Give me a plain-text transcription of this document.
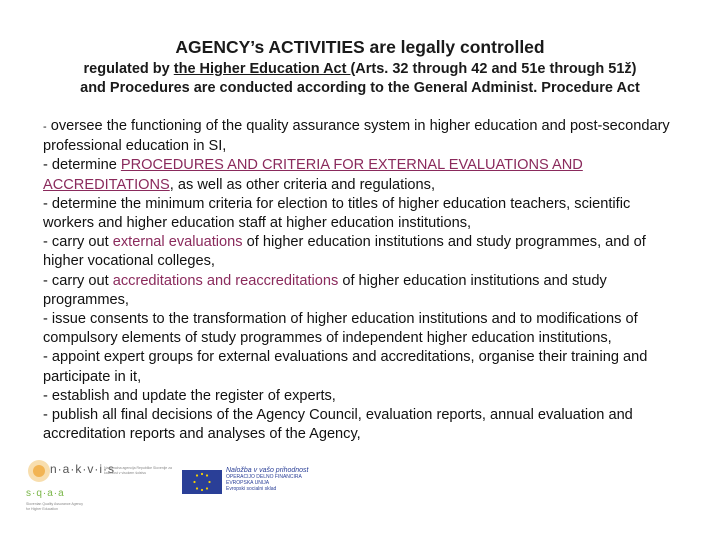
AGENCY’s ACTIVITIES are legally controlled
regulated by the Higher Education Act (Arts. 32 through 42 and 51e through 51ž)
and Procedures are conducted according to the General Administ. Procedure Act
- oversee the functioning of the quality assurance system in higher education and post-secondary professional education in SI,
- determine PROCEDURES AND CRITERIA FOR EXTERNAL EVALUATIONS AND ACCREDITATIONS, as well as other criteria and regulations,
- determine the minimum criteria for election to titles of higher education teachers, scientific workers and higher education staff at higher education institutions,
- carry out external evaluations of higher education institutions and study programmes, and of higher vocational colleges,
- carry out accreditations and reaccreditations of higher education institutions and study programmes,
- issue consents to the transformation of higher education institutions and to modifications of compulsory elements of study programmes of independent higher education institutions,
- appoint expert groups for external evaluations and accreditations, organise their training and participate in it,
- establish and update the register of experts,
- publish all final decisions of the Agency Council, evaluation reports, annual evaluation and accreditation reports and analyses of the Agency,
n·a·k·v·i·s
Nacionalna agencija Republike Slovenije za kakovost v visokem šolstvu
s·q·a·a
Slovenian Quality Assurance Agency for Higher Education
Naložba v vašo prihodnost
OPERACIJO DELNO FINANCIRA EVROPSKA UNIJA
Evropski socialni sklad
